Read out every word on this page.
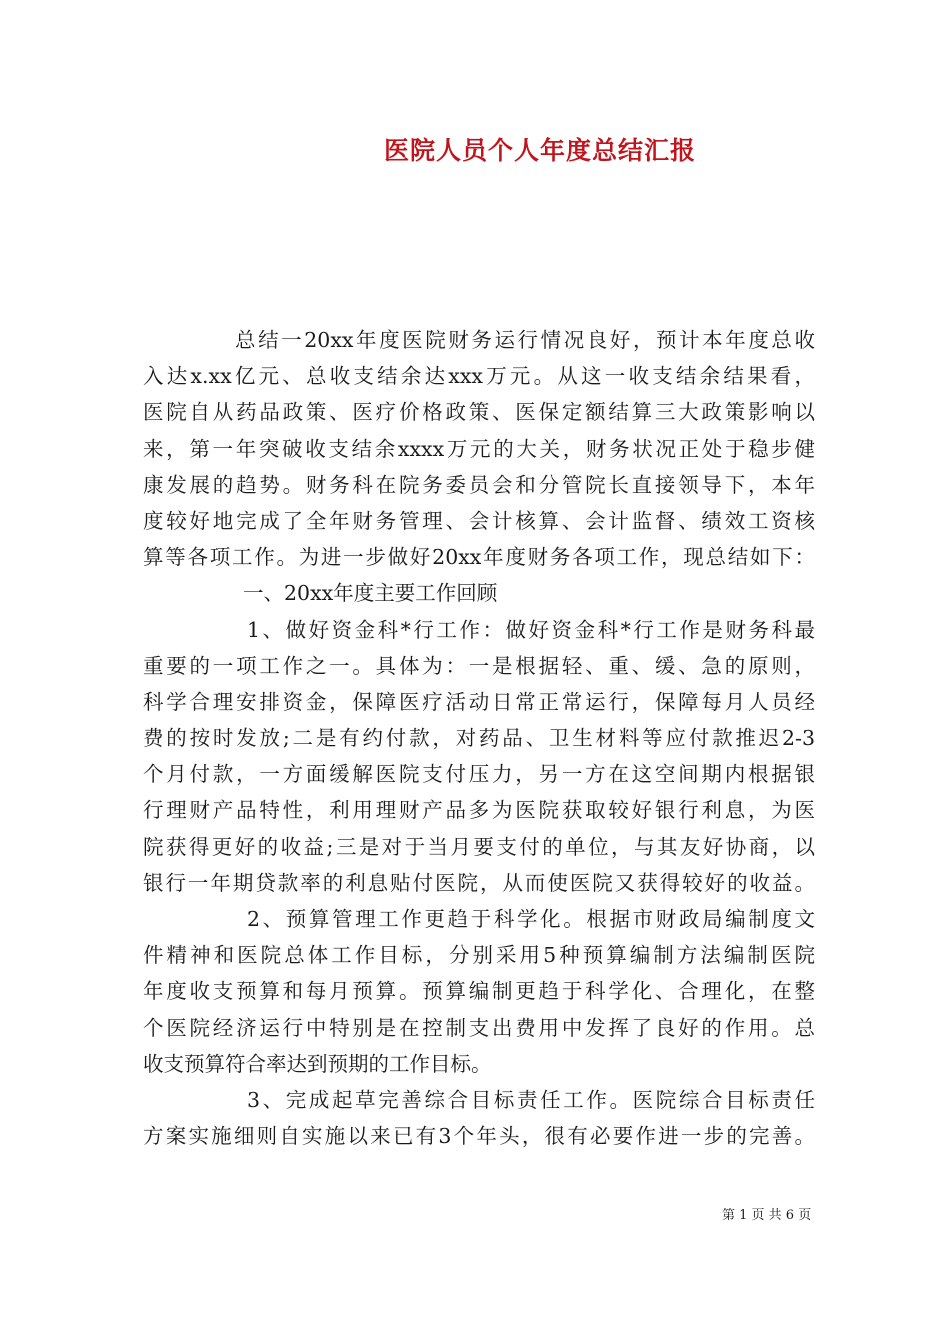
医院人员个人年度总结汇报
总结一20xx年度医院财务运行情况良好，预计本年度总收
入达x.xx亿元、总收支结余达xxx万元。从这一收支结余结果看，
医院自从药品政策、医疗价格政策、医保定额结算三大政策影响以
来，第一年突破收支结余xxxx万元的大关，财务状况正处于稳步健
康发展的趋势。财务科在院务委员会和分管院长直接领导下，本年
度较好地完成了全年财务管理、会计核算、会计监督、绩效工资核
算等各项工作。为进一步做好20xx年度财务各项工作，现总结如下：
一、20xx年度主要工作回顾
1、做好资金科*行工作：做好资金科*行工作是财务科最
重要的一项工作之一。具体为：一是根据轻、重、缓、急的原则，
科学合理安排资金，保障医疗活动日常正常运行，保障每月人员经
费的按时发放;二是有约付款，对药品、卫生材料等应付款推迟2-3
个月付款，一方面缓解医院支付压力，另一方在这空间期内根据银
行理财产品特性，利用理财产品多为医院获取较好银行利息，为医
院获得更好的收益;三是对于当月要支付的单位，与其友好协商，以
银行一年期贷款率的利息贴付医院，从而使医院又获得较好的收益。
2、预算管理工作更趋于科学化。根据市财政局编制度文
件精神和医院总体工作目标，分别采用5种预算编制方法编制医院
年度收支预算和每月预算。预算编制更趋于科学化、合理化，在整
个医院经济运行中特别是在控制支出费用中发挥了良好的作用。总
收支预算符合率达到预期的工作目标。
3、完成起草完善综合目标责任工作。医院综合目标责任
方案实施细则自实施以来已有3个年头，很有必要作进一步的完善。
第 1 页 共 6 页
